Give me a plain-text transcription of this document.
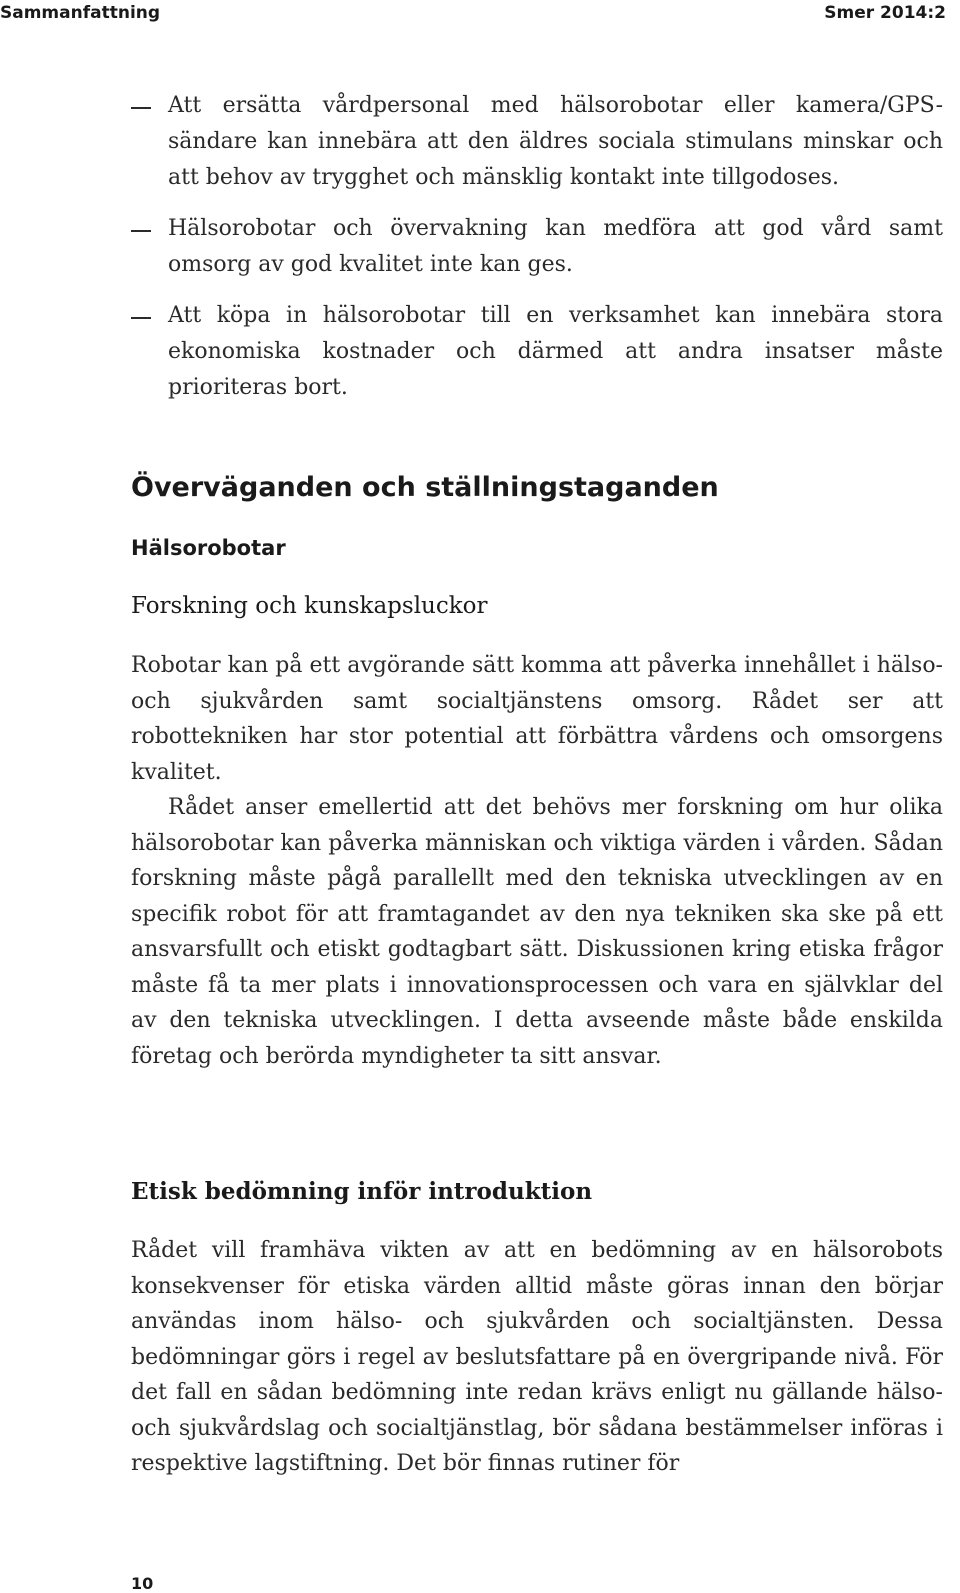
Sammanfattning	Smer 2014:2
Att ersätta vårdpersonal med hälsorobotar eller kamera/GPS-sändare kan innebära att den äldres sociala stimulans minskar och att behov av trygghet och mänsklig kontakt inte tillgodoses.
Hälsorobotar och övervakning kan medföra att god vård samt omsorg av god kvalitet inte kan ges.
Att köpa in hälsorobotar till en verksamhet kan innebära stora ekonomiska kostnader och därmed att andra insatser måste prioriteras bort.
Överväganden och ställningstaganden
Hälsorobotar
Forskning och kunskapsluckor

Robotar kan på ett avgörande sätt komma att påverka innehållet i hälso- och sjukvården samt socialtjänstens omsorg. Rådet ser att robottekniken har stor potential att förbättra vårdens och omsorgens kvalitet.

Rådet anser emellertid att det behövs mer forskning om hur olika hälsorobotar kan påverka människan och viktiga värden i vården. Sådan forskning måste pågå parallellt med den tekniska utvecklingen av en specifik robot för att framtagandet av den nya tekniken ska ske på ett ansvarsfullt och etiskt godtagbart sätt. Diskussionen kring etiska frågor måste få ta mer plats i innovationsprocessen och vara en självklar del av den tekniska utvecklingen. I detta avseende måste både enskilda företag och berörda myndigheter ta sitt ansvar.

Etisk bedömning inför introduktion

Rådet vill framhäva vikten av att en bedömning av en hälsorobots konsekvenser för etiska värden alltid måste göras innan den börjar användas inom hälso- och sjukvården och socialtjänsten. Dessa bedömningar görs i regel av beslutsfattare på en övergripande nivå. För det fall en sådan bedömning inte redan krävs enligt nu gällande hälso- och sjukvårdslag och socialtjänstlag, bör sådana bestämmelser införas i respektive lagstiftning. Det bör finnas rutiner för

10
